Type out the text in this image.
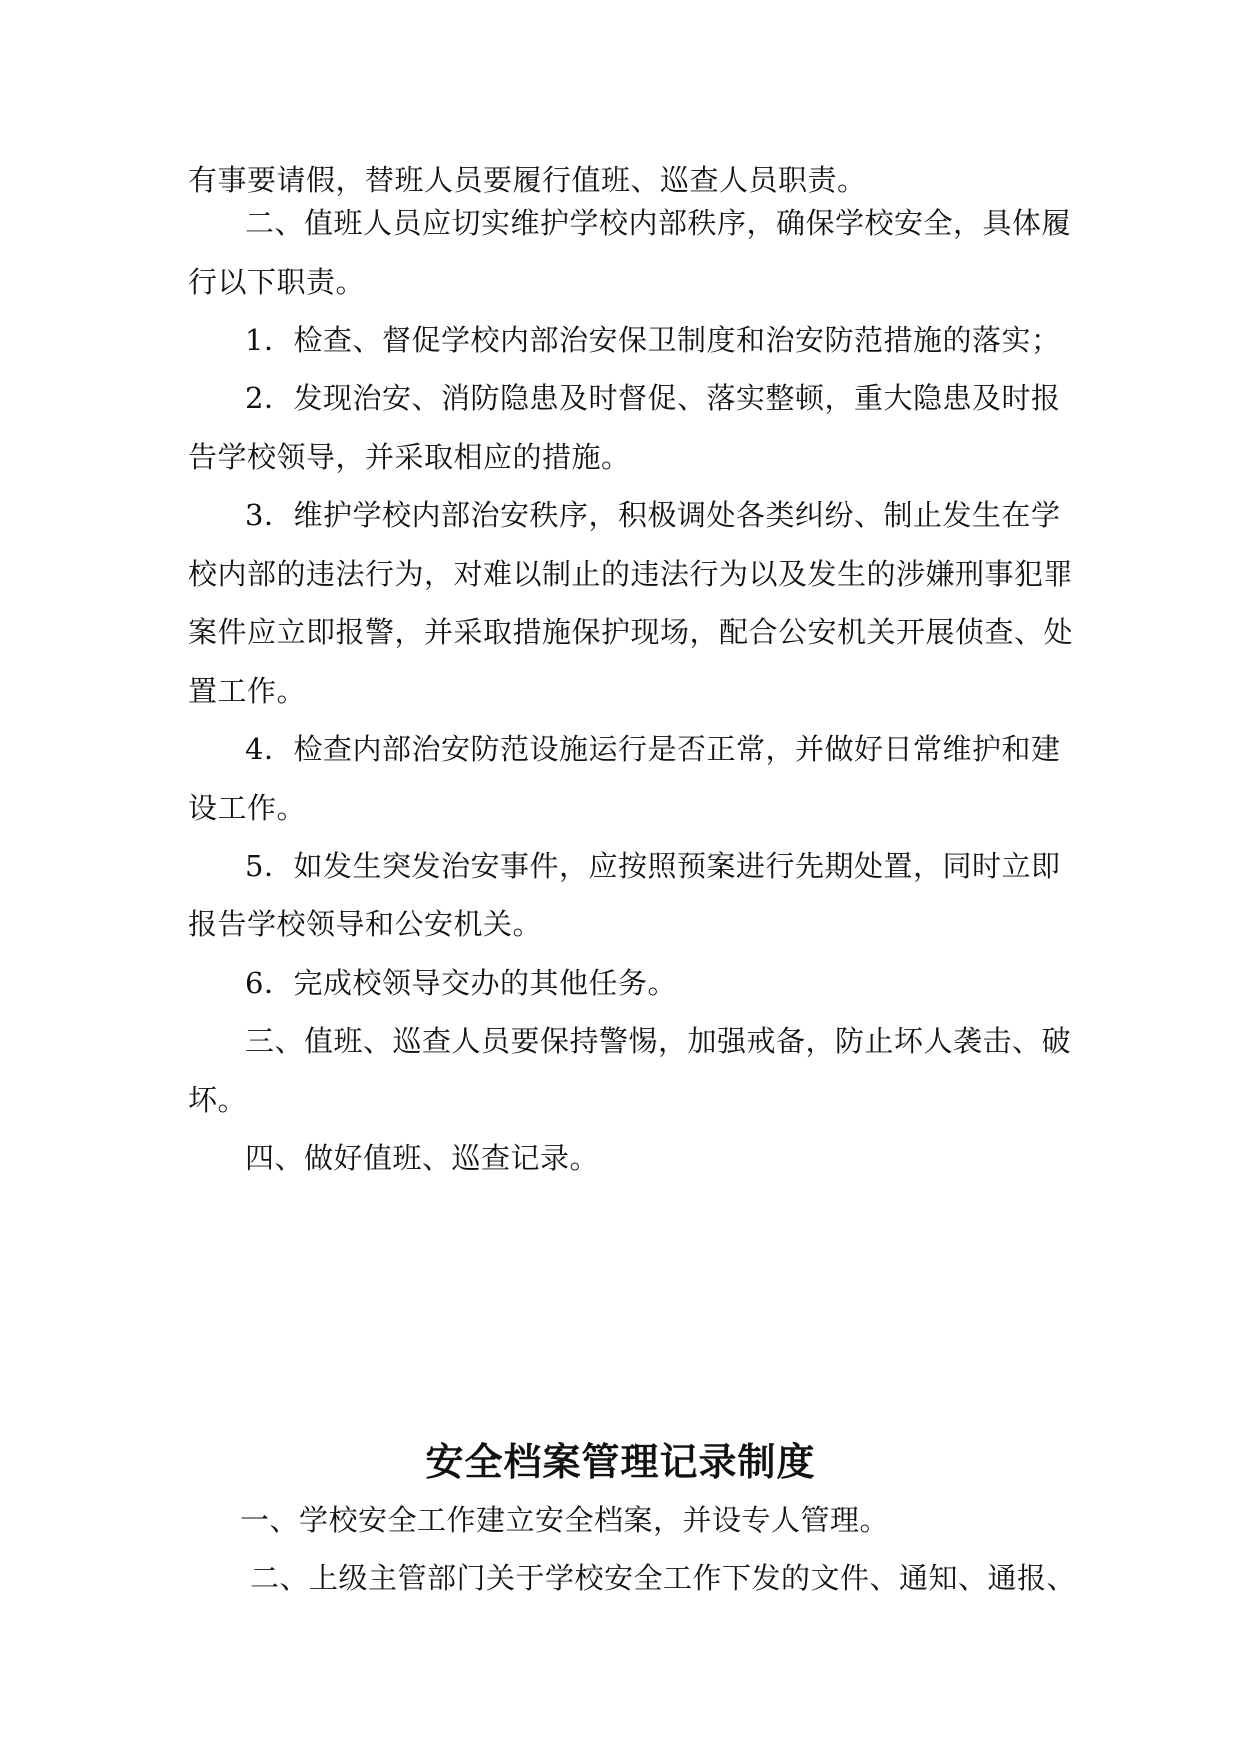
有事要请假，替班人员要履行值班、巡查人员职责。

二、值班人员应切实维护学校内部秩序，确保学校安全，具体履

行以下职责。

1．检查、督促学校内部治安保卫制度和治安防范措施的落实；

2．发现治安、消防隐患及时督促、落实整顿，重大隐患及时报

告学校领导，并采取相应的措施。

3．维护学校内部治安秩序，积极调处各类纠纷、制止发生在学

校内部的违法行为，对难以制止的违法行为以及发生的涉嫌刑事犯罪

案件应立即报警，并采取措施保护现场，配合公安机关开展侦查、处

置工作。

4．检查内部治安防范设施运行是否正常，并做好日常维护和建

设工作。

5．如发生突发治安事件，应按照预案进行先期处置，同时立即

报告学校领导和公安机关。

6．完成校领导交办的其他任务。

三、值班、巡查人员要保持警惕，加强戒备，防止坏人袭击、破

坏。

四、做好值班、巡查记录。

安全档案管理记录制度

一、学校安全工作建立安全档案，并设专人管理。

二、上级主管部门关于学校安全工作下发的文件、通知、通报、
